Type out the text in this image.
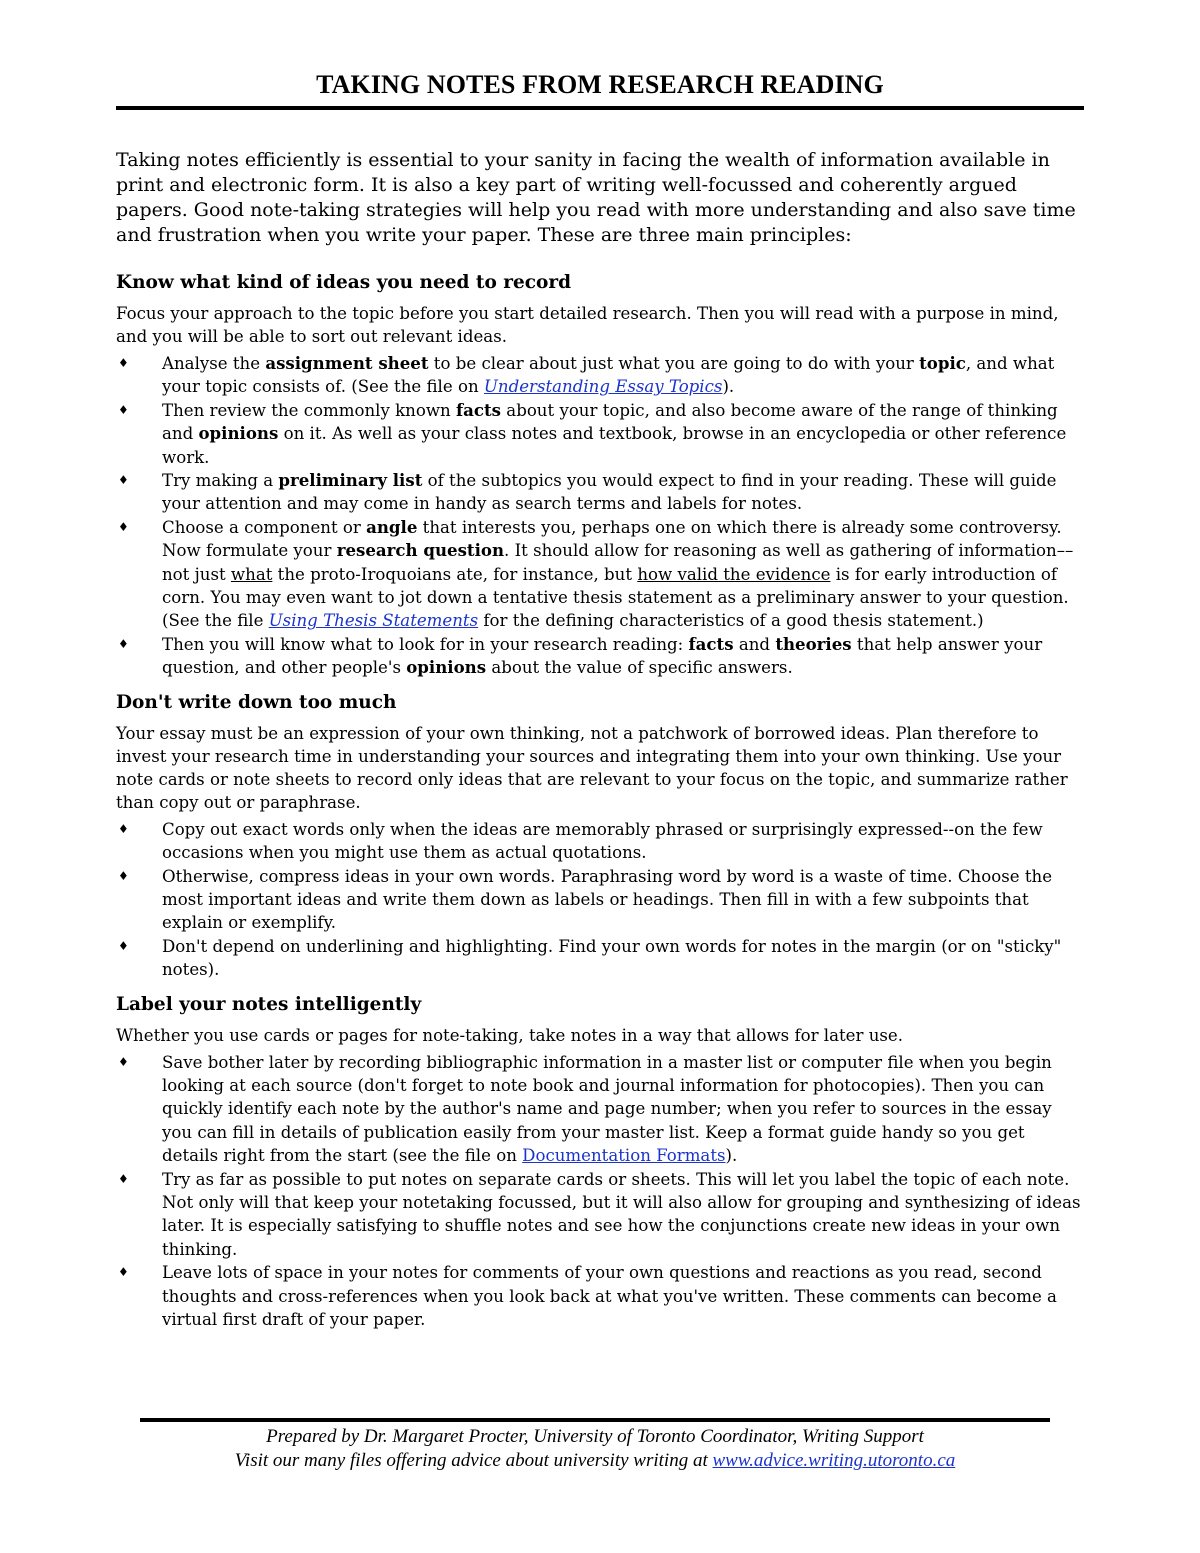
TAKING NOTES FROM RESEARCH READING

Taking notes efficiently is essential to your sanity in facing the wealth of information available in print and electronic form. It is also a key part of writing well-focussed and coherently argued papers. Good note-taking strategies will help you read with more understanding and also save time and frustration when you write your paper. These are three main principles:

Know what kind of ideas you need to record

Focus your approach to the topic before you start detailed research. Then you will read with a purpose in mind, and you will be able to sort out relevant ideas.

♦ Analyse the assignment sheet to be clear about just what you are going to do with your topic, and what your topic consists of. (See the file on Understanding Essay Topics).
♦ Then review the commonly known facts about your topic, and also become aware of the range of thinking and opinions on it. As well as your class notes and textbook, browse in an encyclopedia or other reference work.
♦ Try making a preliminary list of the subtopics you would expect to find in your reading. These will guide your attention and may come in handy as search terms and labels for notes.
♦ Choose a component or angle that interests you, perhaps one on which there is already some controversy. Now formulate your research question. It should allow for reasoning as well as gathering of information––not just what the proto-Iroquoians ate, for instance, but how valid the evidence is for early introduction of corn. You may even want to jot down a tentative thesis statement as a preliminary answer to your question. (See the file Using Thesis Statements for the defining characteristics of a good thesis statement.)
♦ Then you will know what to look for in your research reading: facts and theories that help answer your question, and other people's opinions about the value of specific answers.
Don't write down too much

Your essay must be an expression of your own thinking, not a patchwork of borrowed ideas. Plan therefore to invest your research time in understanding your sources and integrating them into your own thinking. Use your note cards or note sheets to record only ideas that are relevant to your focus on the topic, and summarize rather than copy out or paraphrase.

♦ Copy out exact words only when the ideas are memorably phrased or surprisingly expressed--on the few occasions when you might use them as actual quotations.
♦ Otherwise, compress ideas in your own words. Paraphrasing word by word is a waste of time. Choose the most important ideas and write them down as labels or headings. Then fill in with a few subpoints that explain or exemplify.
♦ Don't depend on underlining and highlighting. Find your own words for notes in the margin (or on "sticky" notes).
Label your notes intelligently

Whether you use cards or pages for note-taking, take notes in a way that allows for later use.

♦ Save bother later by recording bibliographic information in a master list or computer file when you begin looking at each source (don't forget to note book and journal information for photocopies). Then you can quickly identify each note by the author's name and page number; when you refer to sources in the essay you can fill in details of publication easily from your master list. Keep a format guide handy so you get details right from the start (see the file on Documentation Formats).
♦ Try as far as possible to put notes on separate cards or sheets. This will let you label the topic of each note. Not only will that keep your notetaking focussed, but it will also allow for grouping and synthesizing of ideas later. It is especially satisfying to shuffle notes and see how the conjunctions create new ideas in your own thinking.
♦ Leave lots of space in your notes for comments of your own questions and reactions as you read, second thoughts and cross-references when you look back at what you've written. These comments can become a virtual first draft of your paper.
Prepared by Dr. Margaret Procter, University of Toronto Coordinator, Writing Support
Visit our many files offering advice about university writing at www.advice.writing.utoronto.ca
